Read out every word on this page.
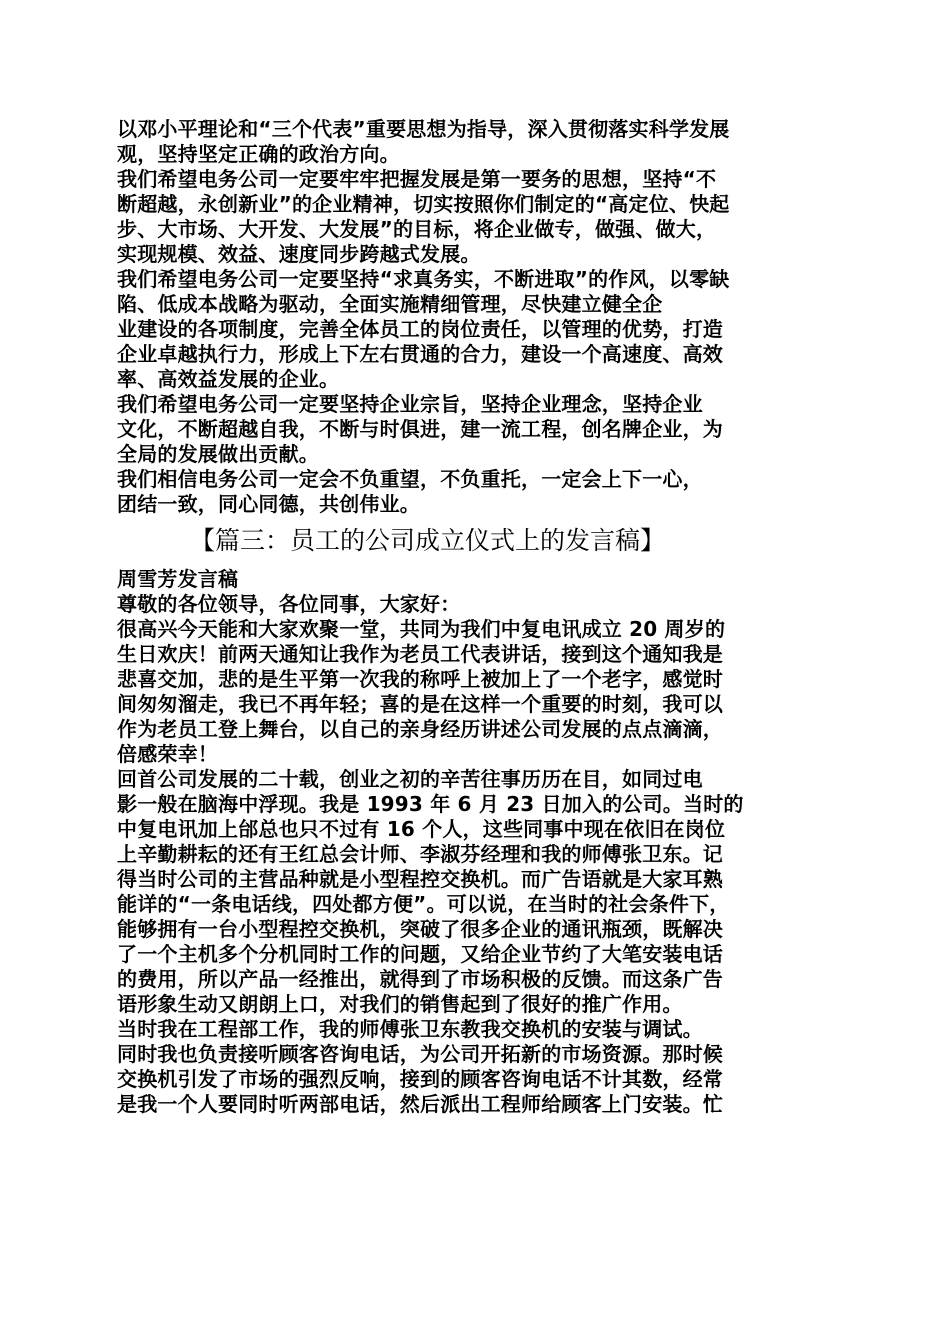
以邓小平理论和“三个代表”重要思想为指导，深入贯彻落实科学发展
观，坚持坚定正确的政治方向。
我们希望电务公司一定要牢牢把握发展是第一要务的思想，坚持“不
断超越，永创新业”的企业精神，切实按照你们制定的“高定位、快起
步、大市场、大开发、大发展”的目标，将企业做专，做强、做大，
实现规模、效益、速度同步跨越式发展。
我们希望电务公司一定要坚持“求真务实，不断进取”的作风，以零缺
陷、低成本战略为驱动，全面实施精细管理，尽快建立健全企
业建设的各项制度，完善全体员工的岗位责任，以管理的优势，打造
企业卓越执行力，形成上下左右贯通的合力，建设一个高速度、高效
率、高效益发展的企业。
我们希望电务公司一定要坚持企业宗旨，坚持企业理念，坚持企业
文化，不断超越自我，不断与时俱进，建一流工程，创名牌企业，为
全局的发展做出贡献。
我们相信电务公司一定会不负重望，不负重托，一定会上下一心，
团结一致，同心同德，共创伟业。
【篇三：员工的公司成立仪式上的发言稿】
周雪芳发言稿
尊敬的各位领导，各位同事，大家好：
很高兴今天能和大家欢聚一堂，共同为我们中复电讯成立 20 周岁的
生日欢庆！前两天通知让我作为老员工代表讲话，接到这个通知我是
悲喜交加，悲的是生平第一次我的称呼上被加上了一个老字，感觉时
间匆匆溜走，我已不再年轻；喜的是在这样一个重要的时刻，我可以
作为老员工登上舞台，以自己的亲身经历讲述公司发展的点点滴滴，
倍感荣幸！
回首公司发展的二十载，创业之初的辛苦往事历历在目，如同过电
影一般在脑海中浮现。我是 1993 年 6 月 23 日加入的公司。当时的
中复电讯加上邰总也只不过有 16 个人，这些同事中现在依旧在岗位
上辛勤耕耘的还有王红总会计师、李淑芬经理和我的师傅张卫东。记
得当时公司的主营品种就是小型程控交换机。而广告语就是大家耳熟
能详的“一条电话线，四处都方便”。可以说，在当时的社会条件下，
能够拥有一台小型程控交换机，突破了很多企业的通讯瓶颈，既解决
了一个主机多个分机同时工作的问题，又给企业节约了大笔安装电话
的费用，所以产品一经推出，就得到了市场积极的反馈。而这条广告
语形象生动又朗朗上口，对我们的销售起到了很好的推广作用。
当时我在工程部工作，我的师傅张卫东教我交换机的安装与调试。
同时我也负责接听顾客咨询电话，为公司开拓新的市场资源。那时候
交换机引发了市场的强烈反响，接到的顾客咨询电话不计其数，经常
是我一个人要同时听两部电话，然后派出工程师给顾客上门安装。忙
